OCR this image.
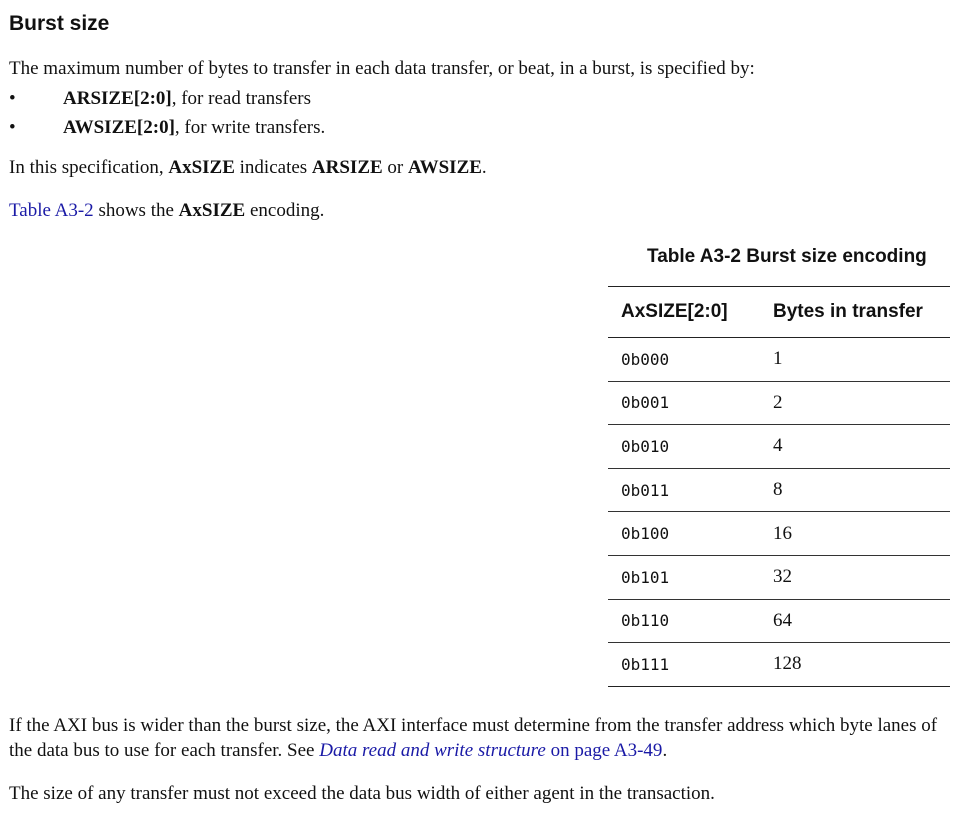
Burst size

The maximum number of bytes to transfer in each data transfer, or beat, in a burst, is specified by:

• ARSIZE[2:0], for read transfers
• AWSIZE[2:0], for write transfers.

In this specification, AxSIZE indicates ARSIZE or AWSIZE.

Table A3-2 shows the AxSIZE encoding.

Table A3-2 Burst size encoding
AxSIZE[2:0]	Bytes in transfer
0b000	1
0b001	2
0b010	4
0b011	8
0b100	16
0b101	32
0b110	64
0b111	128

If the AXI bus is wider than the burst size, the AXI interface must determine from the transfer address which byte lanes of the data bus to use for each transfer. See Data read and write structure on page A3-49.

The size of any transfer must not exceed the data bus width of either agent in the transaction.
